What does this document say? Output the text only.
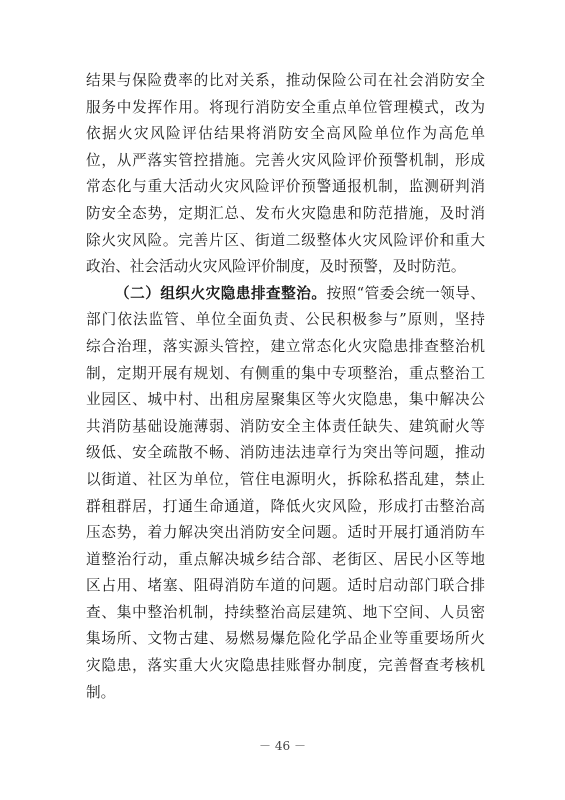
结果与保险费率的比对关系，推动保险公司在社会消防安全
服务中发挥作用。将现行消防安全重点单位管理模式，改为
依据火灾风险评估结果将消防安全高风险单位作为高危单
位，从严落实管控措施。完善火灾风险评价预警机制，形成
常态化与重大活动火灾风险评价预警通报机制，监测研判消
防安全态势，定期汇总、发布火灾隐患和防范措施，及时消
除火灾风险。完善片区、街道二级整体火灾风险评价和重大
政治、社会活动火灾风险评价制度，及时预警，及时防范。
（二）组织火灾隐患排查整治。按照“管委会统一领导、
部门依法监管、单位全面负责、公民积极参与”原则，坚持
综合治理，落实源头管控，建立常态化火灾隐患排查整治机
制，定期开展有规划、有侧重的集中专项整治，重点整治工
业园区、城中村、出租房屋聚集区等火灾隐患，集中解决公
共消防基础设施薄弱、消防安全主体责任缺失、建筑耐火等
级低、安全疏散不畅、消防违法违章行为突出等问题，推动
以街道、社区为单位，管住电源明火，拆除私搭乱建，禁止
群租群居，打通生命通道，降低火灾风险，形成打击整治高
压态势，着力解决突出消防安全问题。适时开展打通消防车
道整治行动，重点解决城乡结合部、老街区、居民小区等地
区占用、堵塞、阻碍消防车道的问题。适时启动部门联合排
查、集中整治机制，持续整治高层建筑、地下空间、人员密
集场所、文物古建、易燃易爆危险化学品企业等重要场所火
灾隐患，落实重大火灾隐患挂账督办制度，完善督查考核机
制。
－ 46 －
